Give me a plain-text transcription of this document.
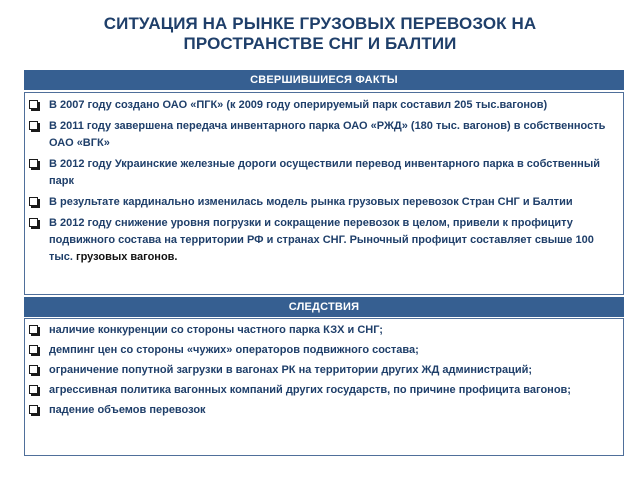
СИТУАЦИЯ НА РЫНКЕ ГРУЗОВЫХ ПЕРЕВОЗОК НА
ПРОСТРАНСТВЕ СНГ И БАЛТИИ
СВЕРШИВШИЕСЯ ФАКТЫ
В 2007 году создано ОАО «ПГК» (к 2009 году оперируемый парк составил 205 тыс.вагонов)
В 2011 году завершена передача инвентарного парка ОАО «РЖД» (180 тыс. вагонов) в собственность ОАО «ВГК»
В 2012 году Украинские железные дороги осуществили перевод инвентарного парка в собственный парк
В результате кардинально изменилась модель рынка грузовых перевозок Стран СНГ и Балтии
В 2012 году снижение уровня погрузки и сокращение перевозок в целом, привели к профициту подвижного состава на территории РФ и странах СНГ. Рыночный профицит составляет свыше 100 тыс. грузовых вагонов.
СЛЕДСТВИЯ
наличие конкуренции со стороны частного парка КЗХ и СНГ;
демпинг цен со стороны «чужих» операторов подвижного состава;
ограничение попутной загрузки в вагонах РК на территории других ЖД администраций;
агрессивная политика вагонных компаний других государств, по причине профицита вагонов;
падение объемов перевозок
